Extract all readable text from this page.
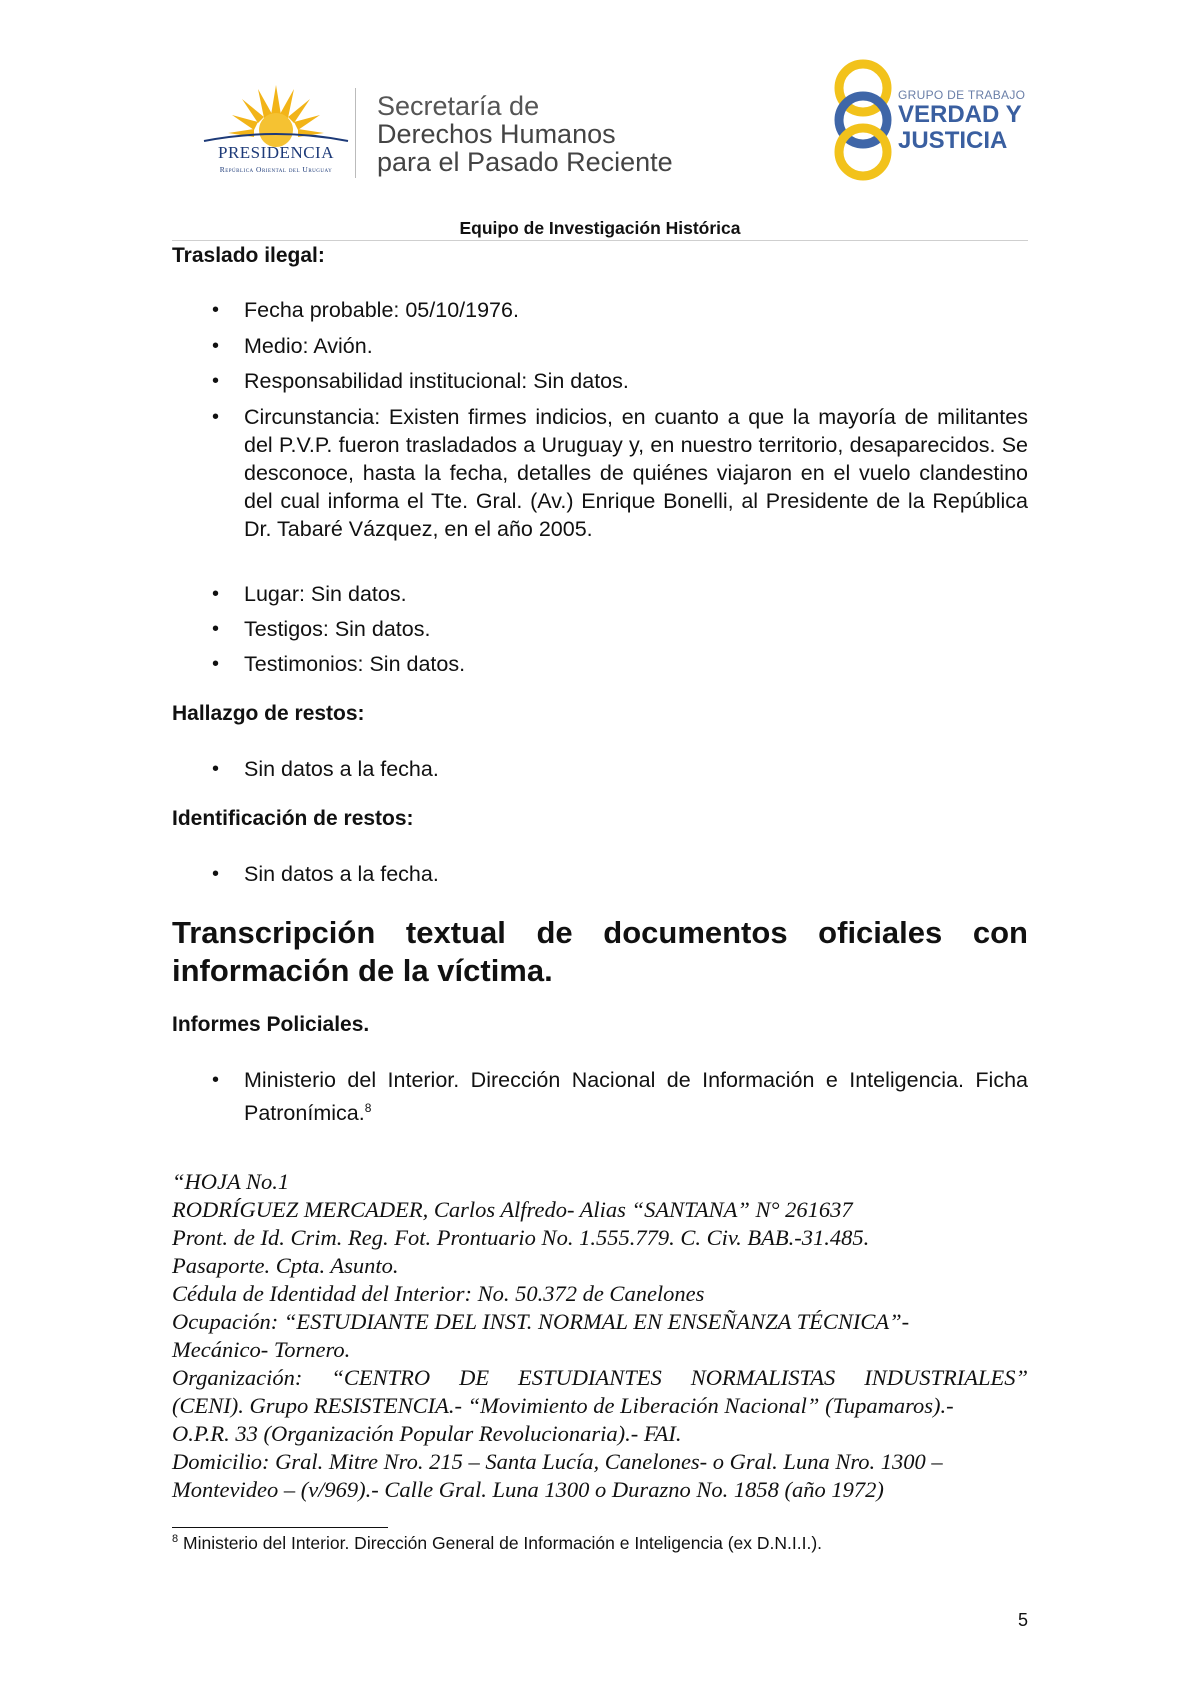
PRESIDENCIA
República Oriental del Uruguay
Secretaría de
Derechos Humanos
para el Pasado Reciente
GRUPO DE TRABAJO
VERDAD Y
JUSTICIA
Equipo de Investigación Histórica
Traslado ilegal:
• Fecha probable: 05/10/1976.
• Medio: Avión.
• Responsabilidad institucional: Sin datos.
• Circunstancia: Existen firmes indicios, en cuanto a que la mayoría de militantes del P.V.P. fueron trasladados a Uruguay y, en nuestro territorio, desaparecidos. Se desconoce, hasta la fecha, detalles de quiénes viajaron en el vuelo clandestino del cual informa el Tte. Gral. (Av.) Enrique Bonelli, al Presidente de la República Dr. Tabaré Vázquez, en el año 2005.
• Lugar: Sin datos.
• Testigos: Sin datos.
• Testimonios: Sin datos.
Hallazgo de restos:
• Sin datos a la fecha.
Identificación de restos:
• Sin datos a la fecha.
Transcripción textual de documentos oficiales con
información de la víctima.
Informes Policiales.
• Ministerio del Interior. Dirección Nacional de Información e Inteligencia. Ficha Patronímica.$^8$
“HOJA No.1
RODRÍGUEZ MERCADER, Carlos Alfredo- Alias “SANTANA” N° 261637
Pront. de Id. Crim. Reg. Fot. Prontuario No. 1.555.779. C. Civ. BAB.-31.485.
Pasaporte. Cpta. Asunto.
Cédula de Identidad del Interior: No. 50.372 de Canelones
Ocupación: “ESTUDIANTE DEL INST. NORMAL EN ENSEÑANZA TÉCNICA”-
Mecánico- Tornero.
Organización: “CENTRO DE ESTUDIANTES NORMALISTAS INDUSTRIALES”
(CENI). Grupo RESISTENCIA.- “Movimiento de Liberación Nacional” (Tupamaros).-
O.P.R. 33 (Organización Popular Revolucionaria).- FAI.
Domicilio: Gral. Mitre Nro. 215 – Santa Lucía, Canelones- o Gral. Luna Nro. 1300 –
Montevideo – (v/969).- Calle Gral. Luna 1300 o Durazno No. 1858 (año 1972)
$^8$ Ministerio del Interior. Dirección General de Información e Inteligencia (ex D.N.I.I.).
5
